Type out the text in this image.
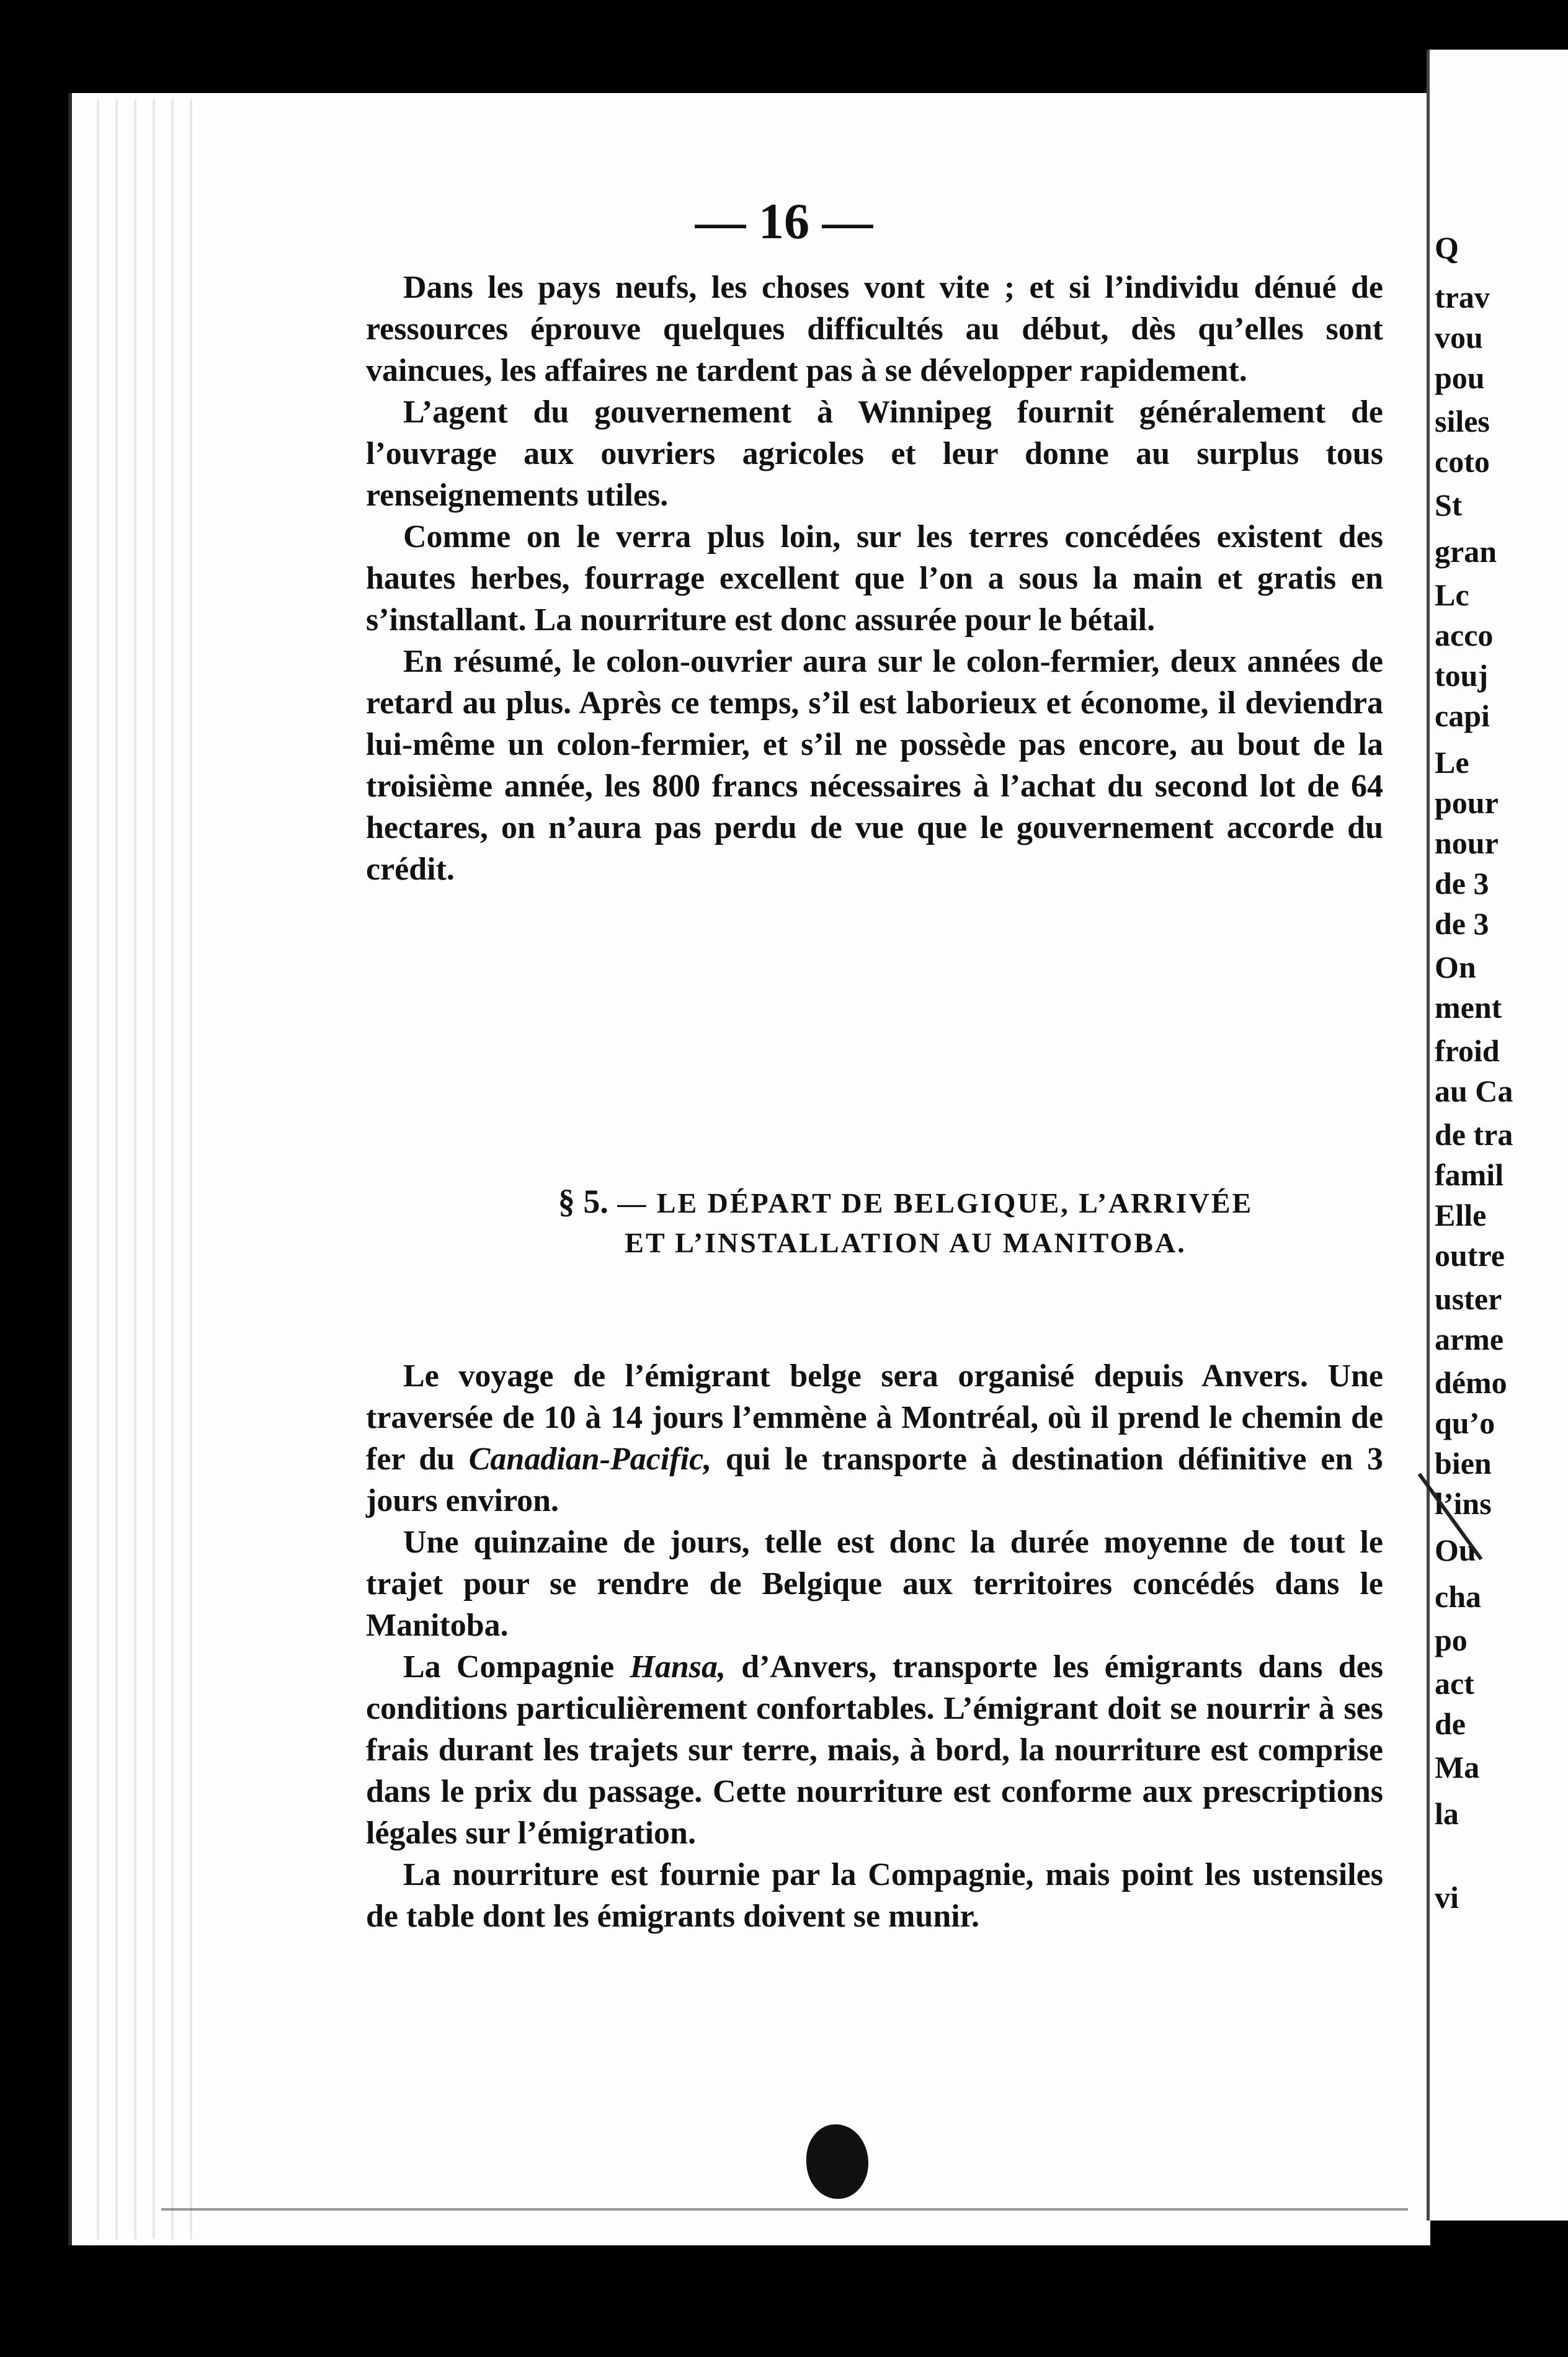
Q

trav

vou

pou

siles

coto

St

gran

Lc

acco

touj

capi

Le

pour

nour

de 3

de 3

On

ment

froid

au Ca

de tra

famil

Elle

outre

uster

arme

démo

qu’o

bien

l’ins

Ou

cha

po

act

de

Ma

la

vi

— 16 —

Dans les pays neufs, les choses vont vite ; et si l’individu dénué de ressources éprouve quelques difficultés au début, dès qu’elles sont vaincues, les affaires ne tardent pas à se développer rapidement.

L’agent du gouvernement à Winnipeg fournit généralement de l’ouvrage aux ouvriers agricoles et leur donne au surplus tous renseignements utiles.

Comme on le verra plus loin, sur les terres concédées existent des hautes herbes, fourrage excellent que l’on a sous la main et gratis en s’installant. La nourriture est donc assurée pour le bétail.

En résumé, le colon-ouvrier aura sur le colon-fermier, deux années de retard au plus. Après ce temps, s’il est laborieux et économe, il deviendra lui-même un colon-fermier, et s’il ne possède pas encore, au bout de la troisième année, les 800 francs nécessaires à l’achat du second lot de 64 hectares, on n’aura pas perdu de vue que le gouvernement accorde du crédit.

§ 5. — LE DÉPART DE BELGIQUE, L’ARRIVÉE
ET L’INSTALLATION AU MANITOBA.

Le voyage de l’émigrant belge sera organisé depuis Anvers. Une traversée de 10 à 14 jours l’emmène à Montréal, où il prend le chemin de fer du Canadian-Pacific, qui le transporte à destination définitive en 3 jours environ.

Une quinzaine de jours, telle est donc la durée moyenne de tout le trajet pour se rendre de Belgique aux territoires concédés dans le Manitoba.

La Compagnie Hansa, d’Anvers, transporte les émigrants dans des conditions particulièrement confortables. L’émigrant doit se nourrir à ses frais durant les trajets sur terre, mais, à bord, la nourriture est comprise dans le prix du passage. Cette nourriture est conforme aux prescriptions légales sur l’émigration.

La nourriture est fournie par la Compagnie, mais point les ustensiles de table dont les émigrants doivent se munir.
